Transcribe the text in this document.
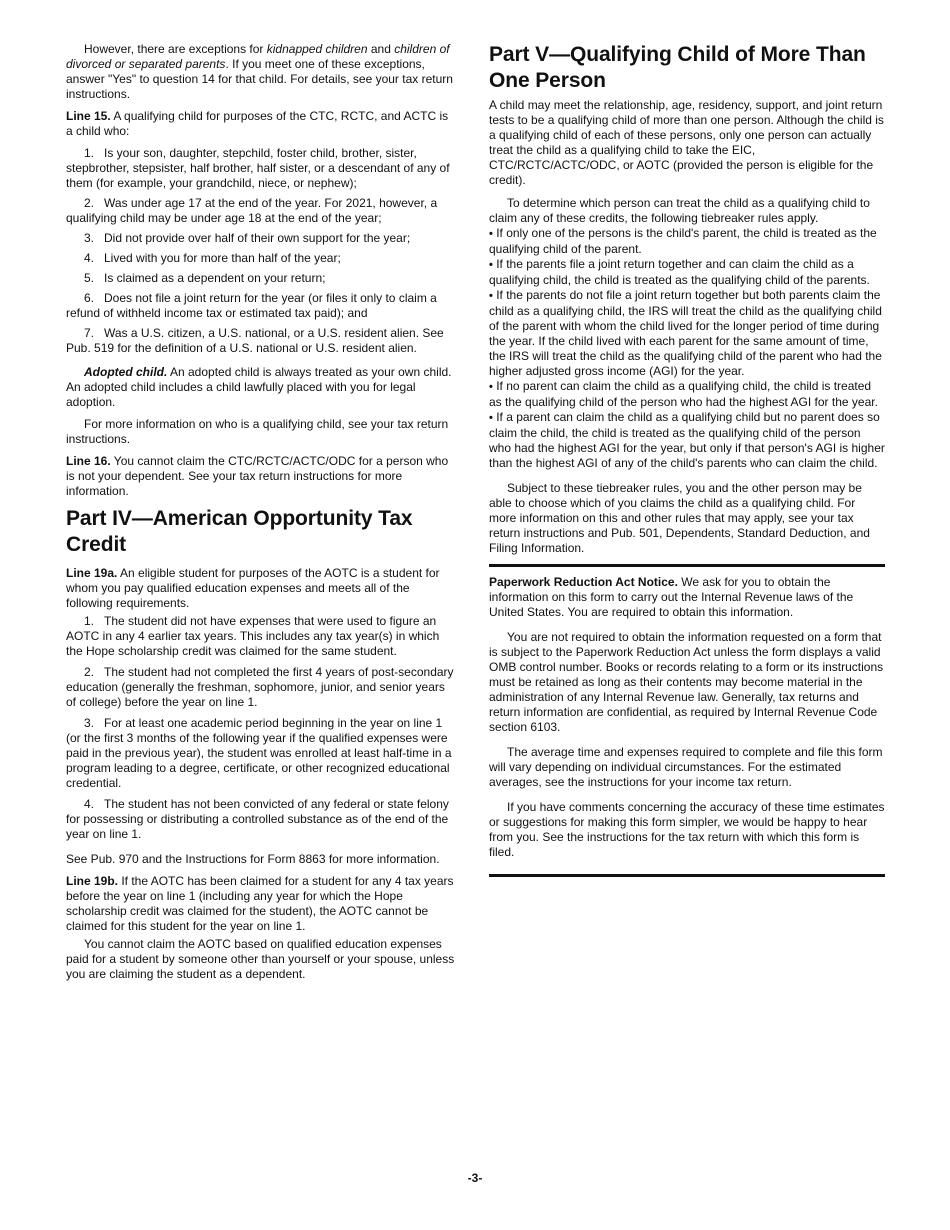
However, there are exceptions for kidnapped children and children of divorced or separated parents. If you meet one of these exceptions, answer "Yes" to question 14 for that child. For details, see your tax return instructions.

Line 15. A qualifying child for purposes of the CTC, RCTC, and ACTC is a child who:

1.   Is your son, daughter, stepchild, foster child, brother, sister, stepbrother, stepsister, half brother, half sister, or a descendant of any of them (for example, your grandchild, niece, or nephew);

2.   Was under age 17 at the end of the year. For 2021, however, a qualifying child may be under age 18 at the end of the year;

3.   Did not provide over half of their own support for the year;

4.   Lived with you for more than half of the year;

5.   Is claimed as a dependent on your return;

6.   Does not file a joint return for the year (or files it only to claim a refund of withheld income tax or estimated tax paid); and

7.   Was a U.S. citizen, a U.S. national, or a U.S. resident alien. See Pub. 519 for the definition of a U.S. national or U.S. resident alien.

Adopted child. An adopted child is always treated as your own child. An adopted child includes a child lawfully placed with you for legal adoption.

For more information on who is a qualifying child, see your tax return instructions.

Line 16. You cannot claim the CTC/RCTC/ACTC/ODC for a person who is not your dependent. See your tax return instructions for more information.

Part IV—American Opportunity Tax Credit

Line 19a. An eligible student for purposes of the AOTC is a student for whom you pay qualified education expenses and meets all of the following requirements.

1.   The student did not have expenses that were used to figure an AOTC in any 4 earlier tax years. This includes any tax year(s) in which the Hope scholarship credit was claimed for the same student.

2.   The student had not completed the first 4 years of post-secondary education (generally the freshman, sophomore, junior, and senior years of college) before the year on line 1.

3.   For at least one academic period beginning in the year on line 1 (or the first 3 months of the following year if the qualified expenses were paid in the previous year), the student was enrolled at least half-time in a program leading to a degree, certificate, or other recognized educational credential.

4.   The student has not been convicted of any federal or state felony for possessing or distributing a controlled substance as of the end of the year on line 1.

See Pub. 970 and the Instructions for Form 8863 for more information.

Line 19b. If the AOTC has been claimed for a student for any 4 tax years before the year on line 1 (including any year for which the Hope scholarship credit was claimed for the student), the AOTC cannot be claimed for this student for the year on line 1.

You cannot claim the AOTC based on qualified education expenses paid for a student by someone other than yourself or your spouse, unless you are claiming the student as a dependent.

Part V—Qualifying Child of More Than One Person

A child may meet the relationship, age, residency, support, and joint return tests to be a qualifying child of more than one person. Although the child is a qualifying child of each of these persons, only one person can actually treat the child as a qualifying child to take the EIC, CTC/RCTC/ACTC/ODC, or AOTC (provided the person is eligible for the credit).

To determine which person can treat the child as a qualifying child to claim any of these credits, the following tiebreaker rules apply.

• If only one of the persons is the child's parent, the child is treated as the qualifying child of the parent.

• If the parents file a joint return together and can claim the child as a qualifying child, the child is treated as the qualifying child of the parents.

• If the parents do not file a joint return together but both parents claim the child as a qualifying child, the IRS will treat the child as the qualifying child of the parent with whom the child lived for the longer period of time during the year. If the child lived with each parent for the same amount of time, the IRS will treat the child as the qualifying child of the parent who had the higher adjusted gross income (AGI) for the year.

• If no parent can claim the child as a qualifying child, the child is treated as the qualifying child of the person who had the highest AGI for the year.

• If a parent can claim the child as a qualifying child but no parent does so claim the child, the child is treated as the qualifying child of the person who had the highest AGI for the year, but only if that person's AGI is higher than the highest AGI of any of the child's parents who can claim the child.

Subject to these tiebreaker rules, you and the other person may be able to choose which of you claims the child as a qualifying child. For more information on this and other rules that may apply, see your tax return instructions and Pub. 501, Dependents, Standard Deduction, and Filing Information.

Paperwork Reduction Act Notice. We ask for you to obtain the information on this form to carry out the Internal Revenue laws of the United States. You are required to obtain this information.

You are not required to obtain the information requested on a form that is subject to the Paperwork Reduction Act unless the form displays a valid OMB control number. Books or records relating to a form or its instructions must be retained as long as their contents may become material in the administration of any Internal Revenue law. Generally, tax returns and return information are confidential, as required by Internal Revenue Code section 6103.

The average time and expenses required to complete and file this form will vary depending on individual circumstances. For the estimated averages, see the instructions for your income tax return.

If you have comments concerning the accuracy of these time estimates or suggestions for making this form simpler, we would be happy to hear from you. See the instructions for the tax return with which this form is filed.

-3-
